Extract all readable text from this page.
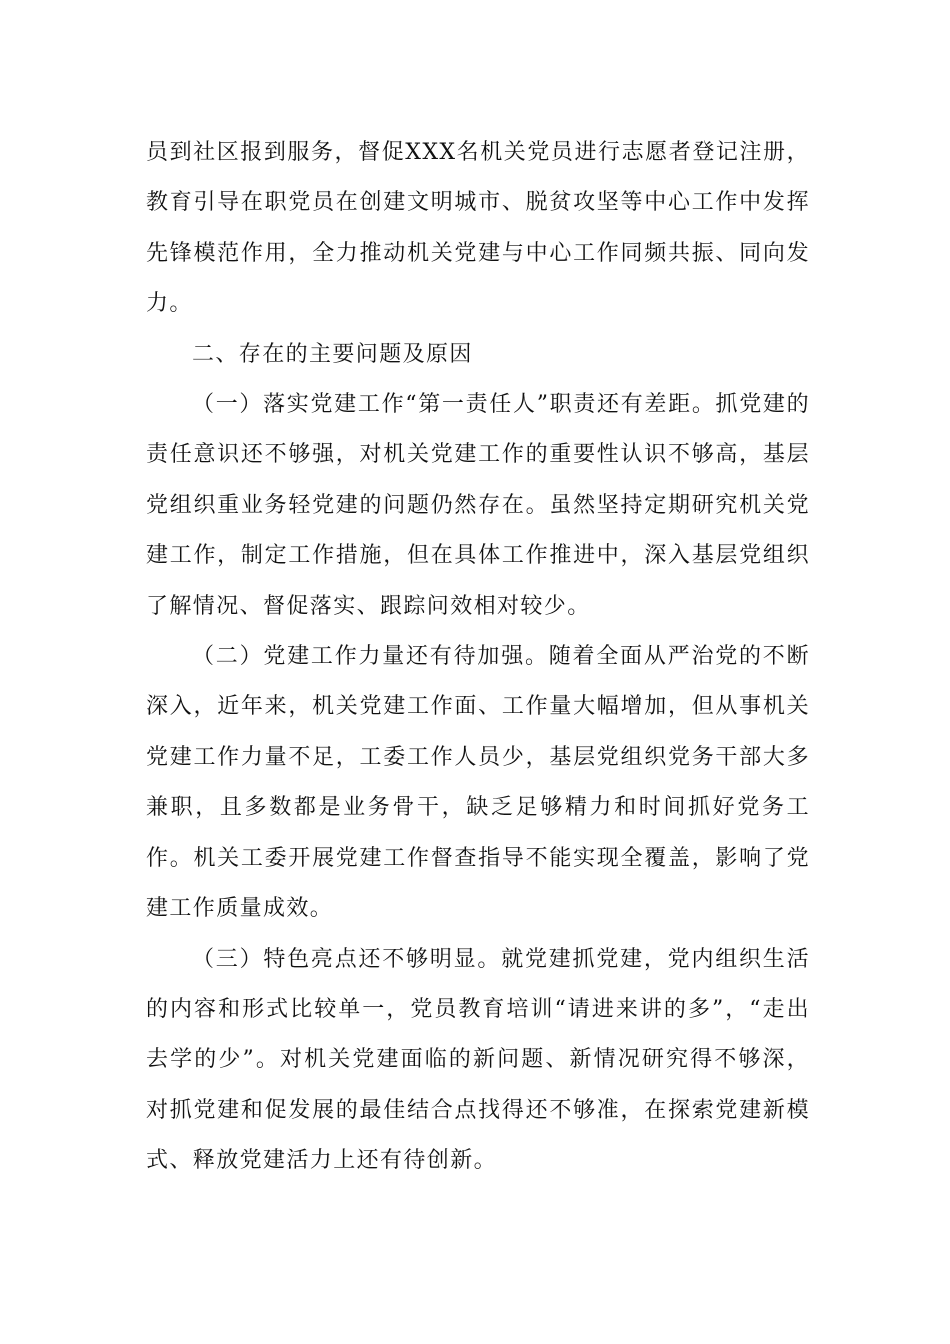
员到社区报到服务，督促XXX名机关党员进行志愿者登记注册，教育引导在职党员在创建文明城市、脱贫攻坚等中心工作中发挥先锋模范作用，全力推动机关党建与中心工作同频共振、同向发力。

二、存在的主要问题及原因

（一）落实党建工作“第一责任人”职责还有差距。抓党建的责任意识还不够强，对机关党建工作的重要性认识不够高，基层党组织重业务轻党建的问题仍然存在。虽然坚持定期研究机关党建工作，制定工作措施，但在具体工作推进中，深入基层党组织了解情况、督促落实、跟踪问效相对较少。

（二）党建工作力量还有待加强。随着全面从严治党的不断深入，近年来，机关党建工作面、工作量大幅增加，但从事机关党建工作力量不足，工委工作人员少，基层党组织党务干部大多兼职，且多数都是业务骨干，缺乏足够精力和时间抓好党务工作。机关工委开展党建工作督查指导不能实现全覆盖，影响了党建工作质量成效。

（三）特色亮点还不够明显。就党建抓党建，党内组织生活的内容和形式比较单一，党员教育培训“请进来讲的多”，“走出去学的少”。对机关党建面临的新问题、新情况研究得不够深，对抓党建和促发展的最佳结合点找得还不够准，在探索党建新模式、释放党建活力上还有待创新。
